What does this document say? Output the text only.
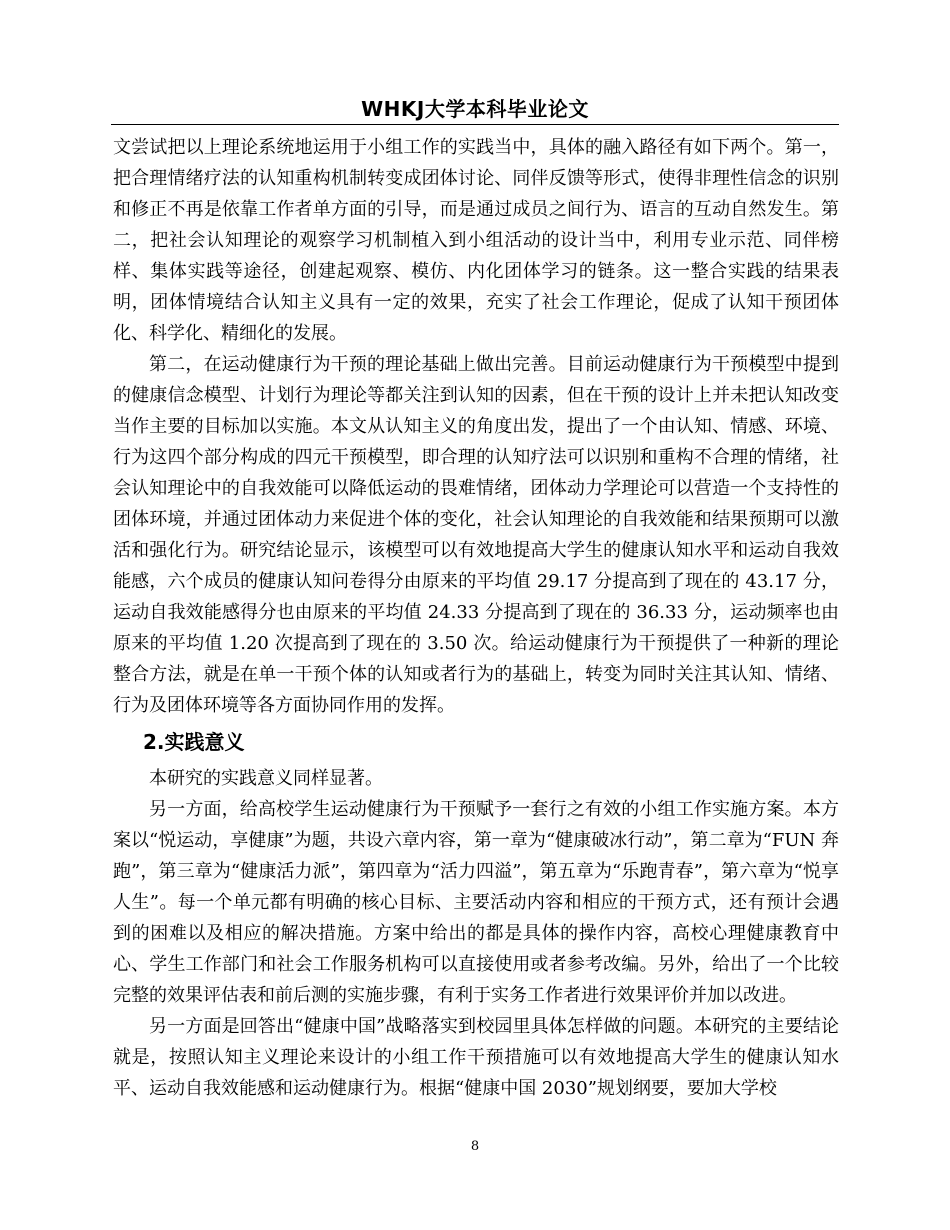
WHKJ大学本科毕业论文

文尝试把以上理论系统地运用于小组工作的实践当中，具体的融入路径有如下两个。第一，把合理情绪疗法的认知重构机制转变成团体讨论、同伴反馈等形式，使得非理性信念的识别和修正不再是依靠工作者单方面的引导，而是通过成员之间行为、语言的互动自然发生。第二，把社会认知理论的观察学习机制植入到小组活动的设计当中，利用专业示范、同伴榜样、集体实践等途径，创建起观察、模仿、内化团体学习的链条。这一整合实践的结果表明，团体情境结合认知主义具有一定的效果，充实了社会工作理论，促成了认知干预团体化、科学化、精细化的发展。

第二，在运动健康行为干预的理论基础上做出完善。目前运动健康行为干预模型中提到的健康信念模型、计划行为理论等都关注到认知的因素，但在干预的设计上并未把认知改变当作主要的目标加以实施。本文从认知主义的角度出发，提出了一个由认知、情感、环境、行为这四个部分构成的四元干预模型，即合理的认知疗法可以识别和重构不合理的情绪，社会认知理论中的自我效能可以降低运动的畏难情绪，团体动力学理论可以营造一个支持性的团体环境，并通过团体动力来促进个体的变化，社会认知理论的自我效能和结果预期可以激活和强化行为。研究结论显示，该模型可以有效地提高大学生的健康认知水平和运动自我效能感，六个成员的健康认知问卷得分由原来的平均值 29.17 分提高到了现在的 43.17 分，运动自我效能感得分也由原来的平均值 24.33 分提高到了现在的 36.33 分，运动频率也由原来的平均值 1.20 次提高到了现在的 3.50 次。给运动健康行为干预提供了一种新的理论整合方法，就是在单一干预个体的认知或者行为的基础上，转变为同时关注其认知、情绪、行为及团体环境等各方面协同作用的发挥。

2.实践意义

本研究的实践意义同样显著。

另一方面，给高校学生运动健康行为干预赋予一套行之有效的小组工作实施方案。本方案以“悦运动，享健康”为题，共设六章内容，第一章为“健康破冰行动”，第二章为“FUN 奔跑”，第三章为“健康活力派”，第四章为“活力四溢”，第五章为“乐跑青春”，第六章为“悦享人生”。每一个单元都有明确的核心目标、主要活动内容和相应的干预方式，还有预计会遇到的困难以及相应的解决措施。方案中给出的都是具体的操作内容，高校心理健康教育中心、学生工作部门和社会工作服务机构可以直接使用或者参考改编。另外，给出了一个比较完整的效果评估表和前后测的实施步骤，有利于实务工作者进行效果评价并加以改进。

另一方面是回答出“健康中国”战略落实到校园里具体怎样做的问题。本研究的主要结论就是，按照认知主义理论来设计的小组工作干预措施可以有效地提高大学生的健康认知水平、运动自我效能感和运动健康行为。根据“健康中国 2030”规划纲要，要加大学校

8
